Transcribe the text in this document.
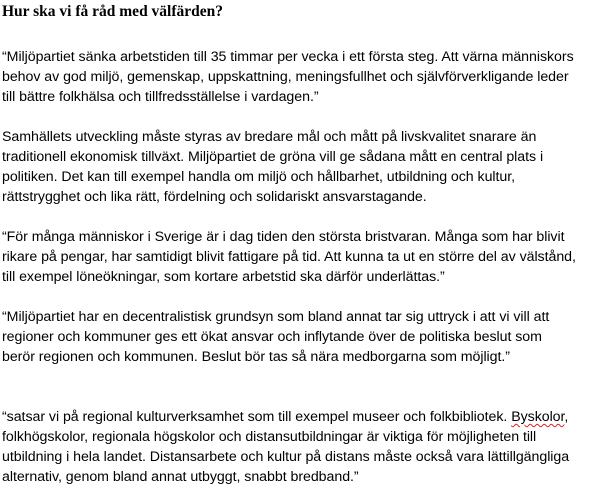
Hur ska vi få råd med välfärden?

“Miljöpartiet sänka arbetstiden till 35 timmar per vecka i ett första steg. Att värna människors
behov av god miljö, gemenskap, uppskattning, meningsfullhet och självförverkligande leder
till bättre folkhälsa och tillfredsställelse i vardagen.”

Samhällets utveckling måste styras av bredare mål och mått på livskvalitet snarare än
traditionell ekonomisk tillväxt. Miljöpartiet de gröna vill ge sådana mått en central plats i
politiken. Det kan till exempel handla om miljö och hållbarhet, utbildning och kultur,
rättstrygghet och lika rätt, fördelning och solidariskt ansvarstagande.

“För många människor i Sverige är i dag tiden den största bristvaran. Många som har blivit
rikare på pengar, har samtidigt blivit fattigare på tid. Att kunna ta ut en större del av välstånd,
till exempel löneökningar, som kortare arbetstid ska därför underlättas.”

“Miljöpartiet har en decentralistisk grundsyn som bland annat tar sig uttryck i att vi vill att
regioner och kommuner ges ett ökat ansvar och inflytande över de politiska beslut som
berör regionen och kommunen. Beslut bör tas så nära medborgarna som möjligt.”

“satsar vi på regional kulturverksamhet som till exempel museer och folkbibliotek. Byskolor,
folkhögskolor, regionala högskolor och distansutbildningar är viktiga för möjligheten till
utbildning i hela landet. Distansarbete och kultur på distans måste också vara lättillgängliga
alternativ, genom bland annat utbyggt, snabbt bredband.”
